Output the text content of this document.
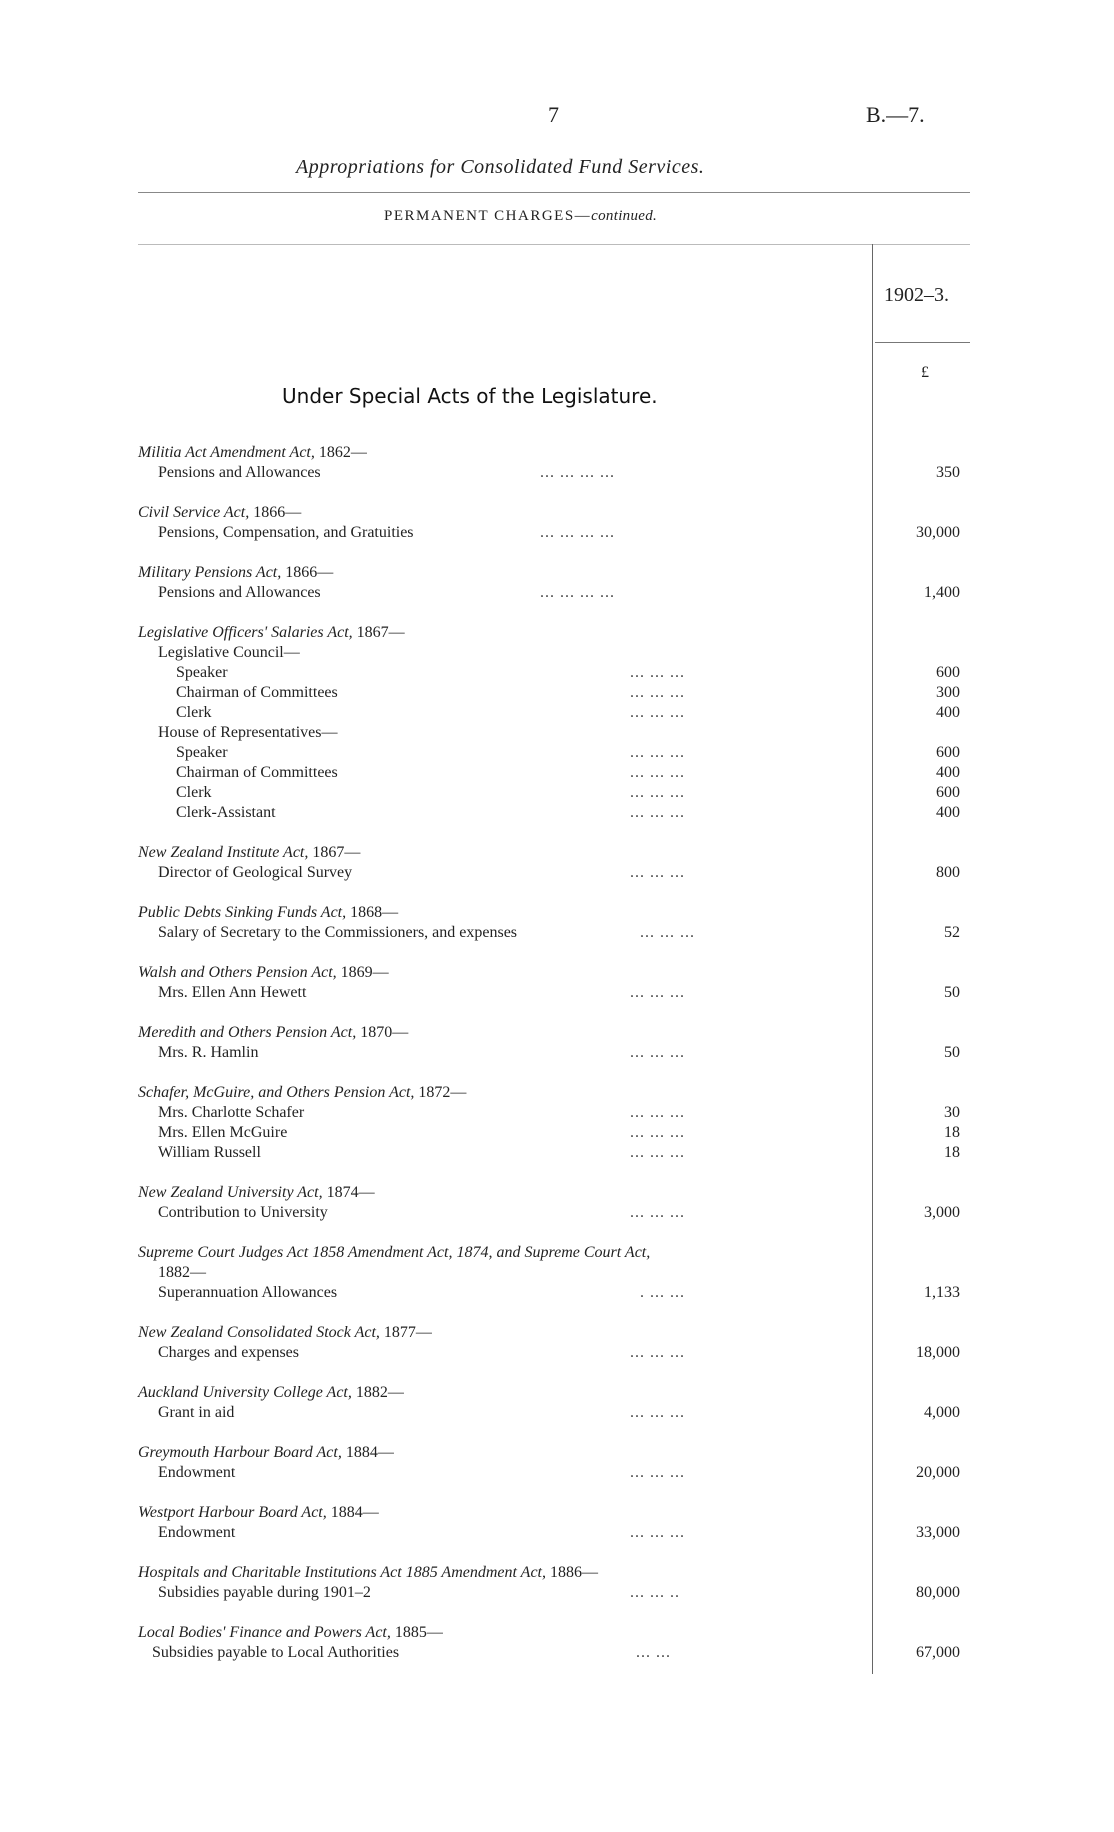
7	B.—7.
Appropriations for Consolidated Fund Services.
PERMANENT CHARGES—continued.
1902–3.
£
Under Special Acts of the Legislature.
Militia Act Amendment Act, 1862—
Pensions and Allowances	... ... ... ...	350
Civil Service Act, 1866—
Pensions, Compensation, and Gratuities	... ... ... ...	30,000
Military Pensions Act, 1866—
Pensions and Allowances	... ... ... ...	1,400
Legislative Officers' Salaries Act, 1867—
Legislative Council—
Speaker	... ... ...	600
Chairman of Committees	... ... ...	300
Clerk	... ... ...	400
House of Representatives—
Speaker	... ... ...	600
Chairman of Committees	... ... ...	400
Clerk	... ... ...	600
Clerk-Assistant	... ... ...	400
New Zealand Institute Act, 1867—
Director of Geological Survey	... ... ...	800
Public Debts Sinking Funds Act, 1868—
Salary of Secretary to the Commissioners, and expenses	... ... ...	52
Walsh and Others Pension Act, 1869—
Mrs. Ellen Ann Hewett	... ... ...	50
Meredith and Others Pension Act, 1870—
Mrs. R. Hamlin	... ... ...	50
Schafer, McGuire, and Others Pension Act, 1872—
Mrs. Charlotte Schafer	... ... ...	30
Mrs. Ellen McGuire	... ... ...	18
William Russell	... ... ...	18
New Zealand University Act, 1874—
Contribution to University	... ... ...	3,000
Supreme Court Judges Act 1858 Amendment Act, 1874, and Supreme Court Act,
1882—
Superannuation Allowances	. ... ...	1,133
New Zealand Consolidated Stock Act, 1877—
Charges and expenses	... ... ...	18,000
Auckland University College Act, 1882—
Grant in aid	... ... ...	4,000
Greymouth Harbour Board Act, 1884—
Endowment	... ... ...	20,000
Westport Harbour Board Act, 1884—
Endowment	... ... ...	33,000
Hospitals and Charitable Institutions Act 1885 Amendment Act, 1886—
Subsidies payable during 1901–2	... ... ..	80,000
Local Bodies' Finance and Powers Act, 1885—
Subsidies payable to Local Authorities	... ...	67,000
